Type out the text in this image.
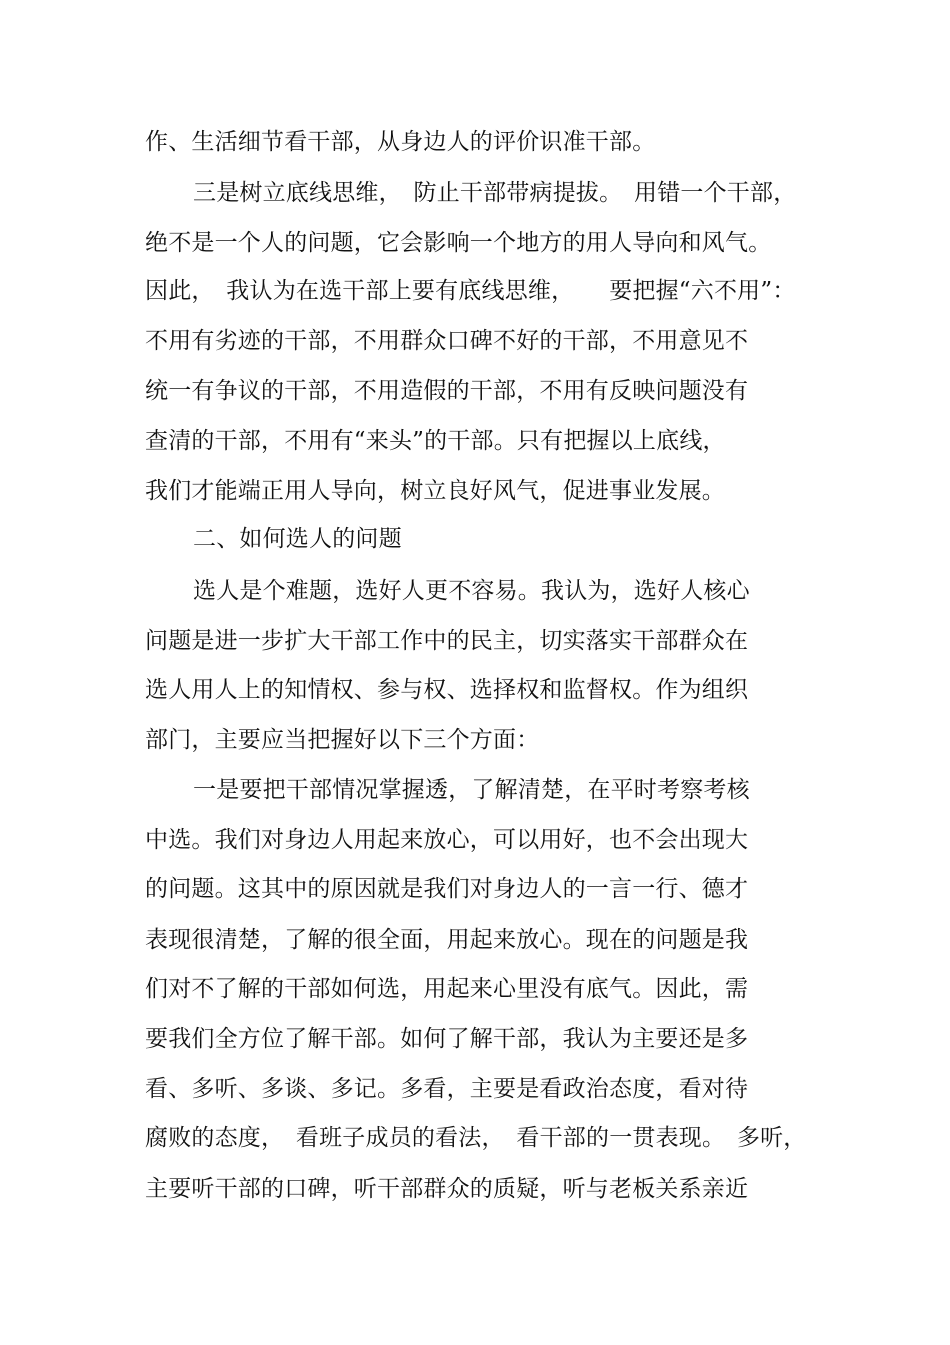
作、生活细节看干部，从身边人的评价识准干部。

三是树立底线思维，　防止干部带病提拔。　用错一个干部，

绝不是一个人的问题，它会影响一个地方的用人导向和风气。

因此，　我认为在选干部上要有底线思维，　　要把握“六不用”：

不用有劣迹的干部，不用群众口碑不好的干部，不用意见不

统一有争议的干部，不用造假的干部，不用有反映问题没有

查清的干部，不用有“来头”的干部。只有把握以上底线，

我们才能端正用人导向，树立良好风气，促进事业发展。

二、如何选人的问题

选人是个难题，选好人更不容易。我认为，选好人核心

问题是进一步扩大干部工作中的民主，切实落实干部群众在

选人用人上的知情权、参与权、选择权和监督权。作为组织

部门，主要应当把握好以下三个方面：

一是要把干部情况掌握透，了解清楚，在平时考察考核

中选。我们对身边人用起来放心，可以用好，也不会出现大

的问题。这其中的原因就是我们对身边人的一言一行、德才

表现很清楚，了解的很全面，用起来放心。现在的问题是我

们对不了解的干部如何选，用起来心里没有底气。因此，需

要我们全方位了解干部。如何了解干部，我认为主要还是多

看、多听、多谈、多记。多看，主要是看政治态度，看对待

腐败的态度，　看班子成员的看法，　看干部的一贯表现。　多听，

主要听干部的口碑，听干部群众的质疑，听与老板关系亲近
